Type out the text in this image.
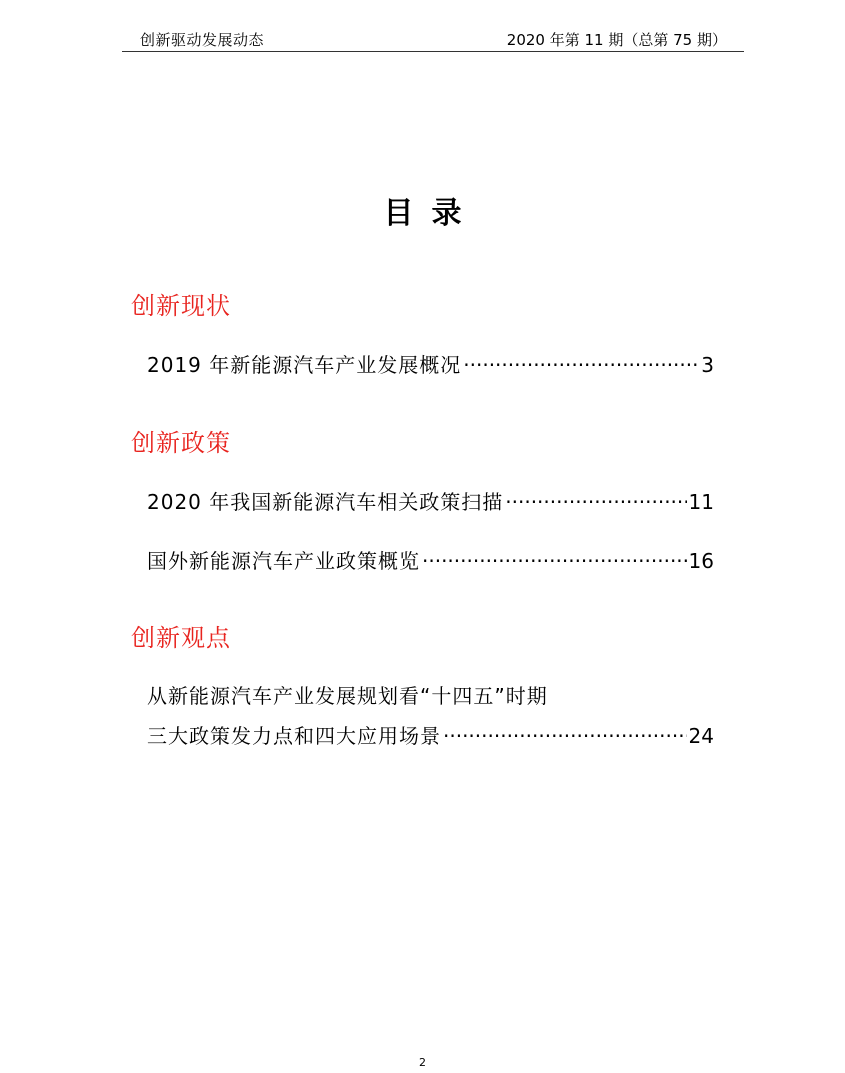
创新驱动发展动态	2020 年第 11 期（总第 75 期）
目录
创新现状
2019 年新能源汽车产业发展概况 ·····	3
创新政策
2020 年我国新能源汽车相关政策扫描 ·····	11
国外新能源汽车产业政策概览 ·····	16
创新观点
从新能源汽车产业发展规划看“十四五”时期
三大政策发力点和四大应用场景 ·····	24
2
